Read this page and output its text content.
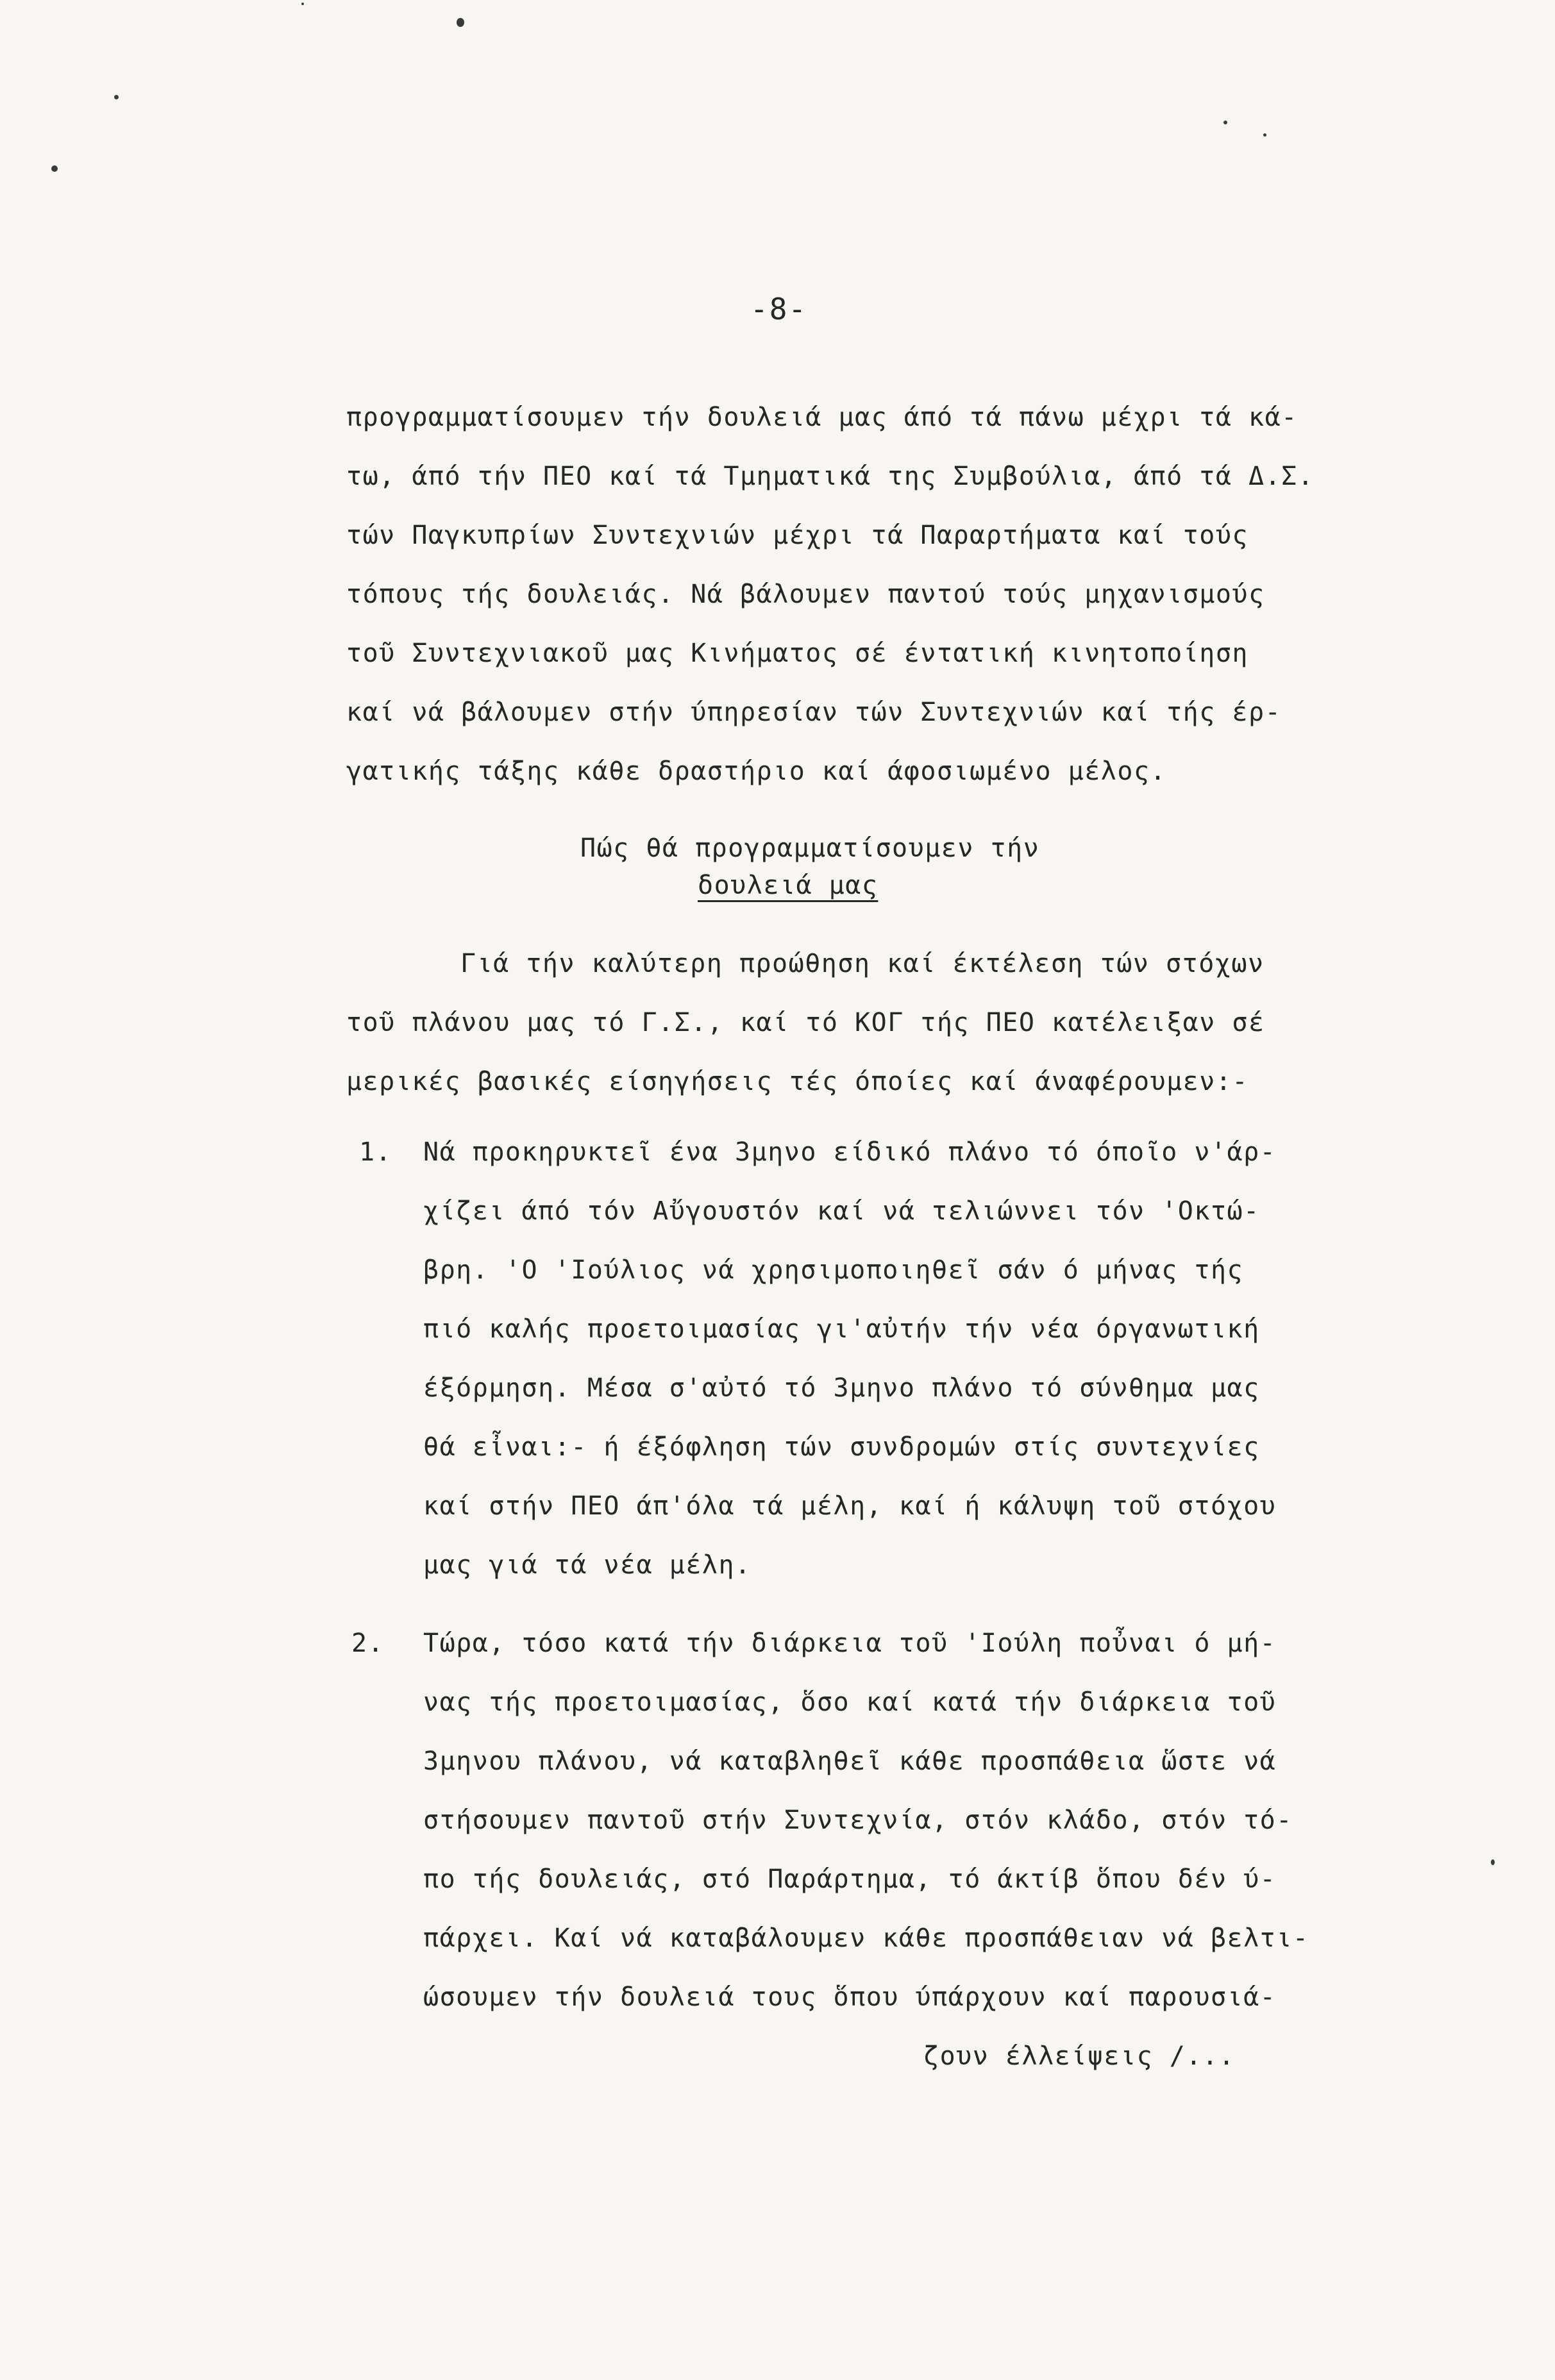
-8-
προγραμματίσουμεν τήν δουλειά μας άπό τά πάνω μέχρι τά κά-
τω, άπό τήν ΠΕΟ καί τά Τμηματικά της Συμβούλια, άπό τά Δ.Σ.
τών Παγκυπρίων Συντεχνιών μέχρι τά Παραρτήματα καί τούς
τόπους τής δουλειάς. Νά βάλουμεν παντού τούς μηχανισμούς
τοῦ Συντεχνιακοῦ μας Κινήματος σέ έντατική κινητοποίηση
καί νά βάλουμεν στήν ύπηρεσίαν τών Συντεχνιών καί τής έρ-
γατικής τάξης κάθε δραστήριο καί άφοσιωμένο μέλος.
Πώς θά προγραμματίσουμεν τήν
δουλειά μας
Γιά τήν καλύτερη προώθηση καί έκτέλεση τών στόχων
τοῦ πλάνου μας τό Γ.Σ., καί τό ΚΟΓ τής ΠΕΟ κατέλειξαν σέ
μερικές βασικές είσηγήσεις τές όποίες καί άναφέρουμεν:-
1. Νά προκηρυκτεῖ ένα 3μηνο είδικό πλάνο τό όποῖο ν'άρ-
χίζει άπό τόν Αὔγουστόν καί νά τελιώννει τόν 'Οκτώ-
βρη. 'Ο 'Ιούλιος νά χρησιμοποιηθεῖ σάν ό μήνας τής
πιό καλής προετοιμασίας γι'αὐτήν τήν νέα όργανωτική
έξόρμηση. Μέσα σ'αὐτό τό 3μηνο πλάνο τό σύνθημα μας
θά εἶναι:- ή έξόφληση τών συνδρομών στίς συντεχνίες
καί στήν ΠΕΟ άπ'όλα τά μέλη, καί ή κάλυψη τοῦ στόχου
μας γιά τά νέα μέλη.
2. Τώρα, τόσο κατά τήν διάρκεια τοῦ 'Ιούλη ποὖναι ό μή-
νας τής προετοιμασίας, ὅσο καί κατά τήν διάρκεια τοῦ
3μηνου πλάνου, νά καταβληθεῖ κάθε προσπάθεια ὥστε νά
στήσουμεν παντοῦ στήν Συντεχνία, στόν κλάδο, στόν τό-
πο τής δουλειάς, στό Παράρτημα, τό άκτίβ ὅπου δέν ύ-
πάρχει. Καί νά καταβάλουμεν κάθε προσπάθειαν νά βελτι-
ώσουμεν τήν δουλειά τους ὅπου ύπάρχουν καί παρουσιά-
ζουν έλλείψεις /...
